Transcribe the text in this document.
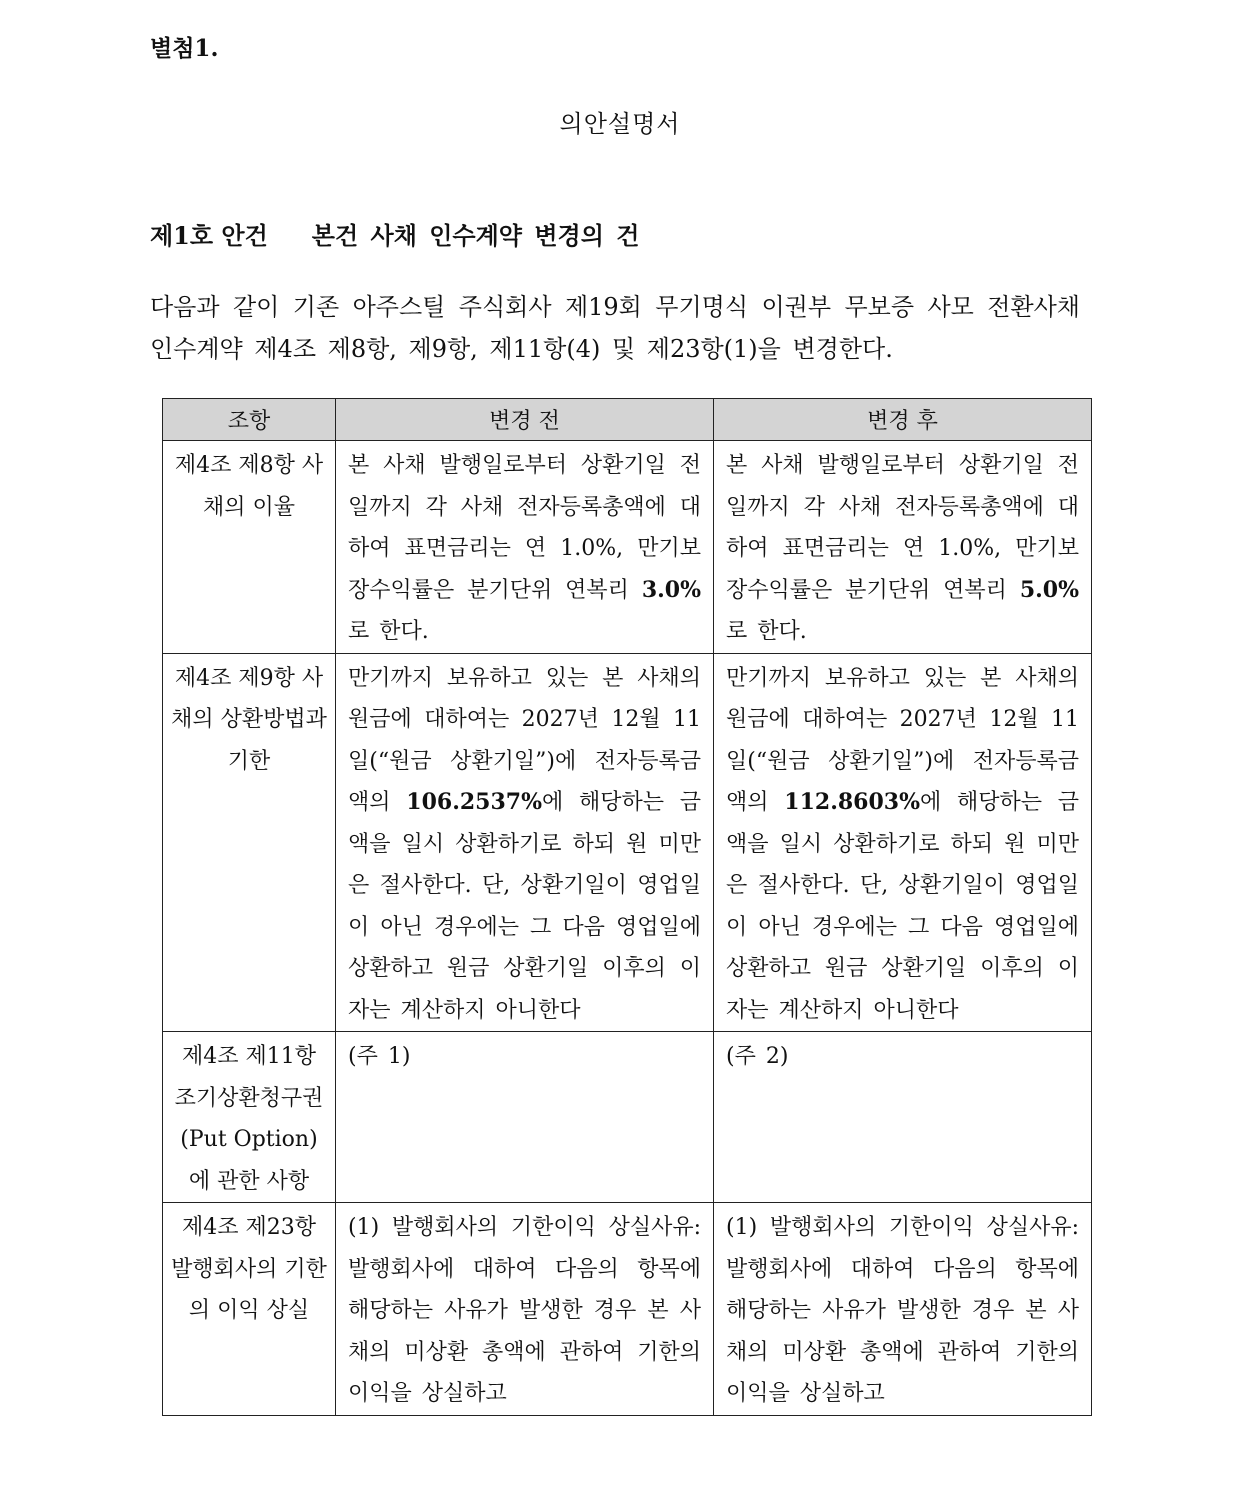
별첨1.
의안설명서
제1호 안건 본건 사채 인수계약 변경의 건
다음과 같이 기존 아주스틸 주식회사 제19회 무기명식 이권부 무보증 사모 전환사채 인수계약 제4조 제8항, 제9항, 제11항(4) 및 제23항(1)을 변경한다.
조항	변경 전	변경 후
제4조 제8항 사채의 이율	본 사채 발행일로부터 상환기일 전일까지 각 사채 전자등록총액에 대하여 표면금리는 연 1.0%, 만기보장수익률은 분기단위 연복리 3.0%로 한다.	본 사채 발행일로부터 상환기일 전일까지 각 사채 전자등록총액에 대하여 표면금리는 연 1.0%, 만기보장수익률은 분기단위 연복리 5.0%로 한다.
제4조 제9항 사채의 상환방법과 기한	만기까지 보유하고 있는 본 사채의 원금에 대하여는 2027년 12월 11일(“원금 상환기일”)에 전자등록금액의 106.2537%에 해당하는 금액을 일시 상환하기로 하되 원 미만은 절사한다. 단, 상환기일이 영업일이 아닌 경우에는 그 다음 영업일에 상환하고 원금 상환기일 이후의 이자는 계산하지 아니한다	만기까지 보유하고 있는 본 사채의 원금에 대하여는 2027년 12월 11일(“원금 상환기일”)에 전자등록금액의 112.8603%에 해당하는 금액을 일시 상환하기로 하되 원 미만은 절사한다. 단, 상환기일이 영업일이 아닌 경우에는 그 다음 영업일에 상환하고 원금 상환기일 이후의 이자는 계산하지 아니한다
제4조 제11항 조기상환청구권(Put Option)에 관한 사항	(주 1)	(주 2)
제4조 제23항 발행회사의 기한의 이익 상실	(1) 발행회사의 기한이익 상실사유: 발행회사에 대하여 다음의 항목에 해당하는 사유가 발생한 경우 본 사채의 미상환 총액에 관하여 기한의 이익을 상실하고	(1) 발행회사의 기한이익 상실사유: 발행회사에 대하여 다음의 항목에 해당하는 사유가 발생한 경우 본 사채의 미상환 총액에 관하여 기한의 이익을 상실하고
